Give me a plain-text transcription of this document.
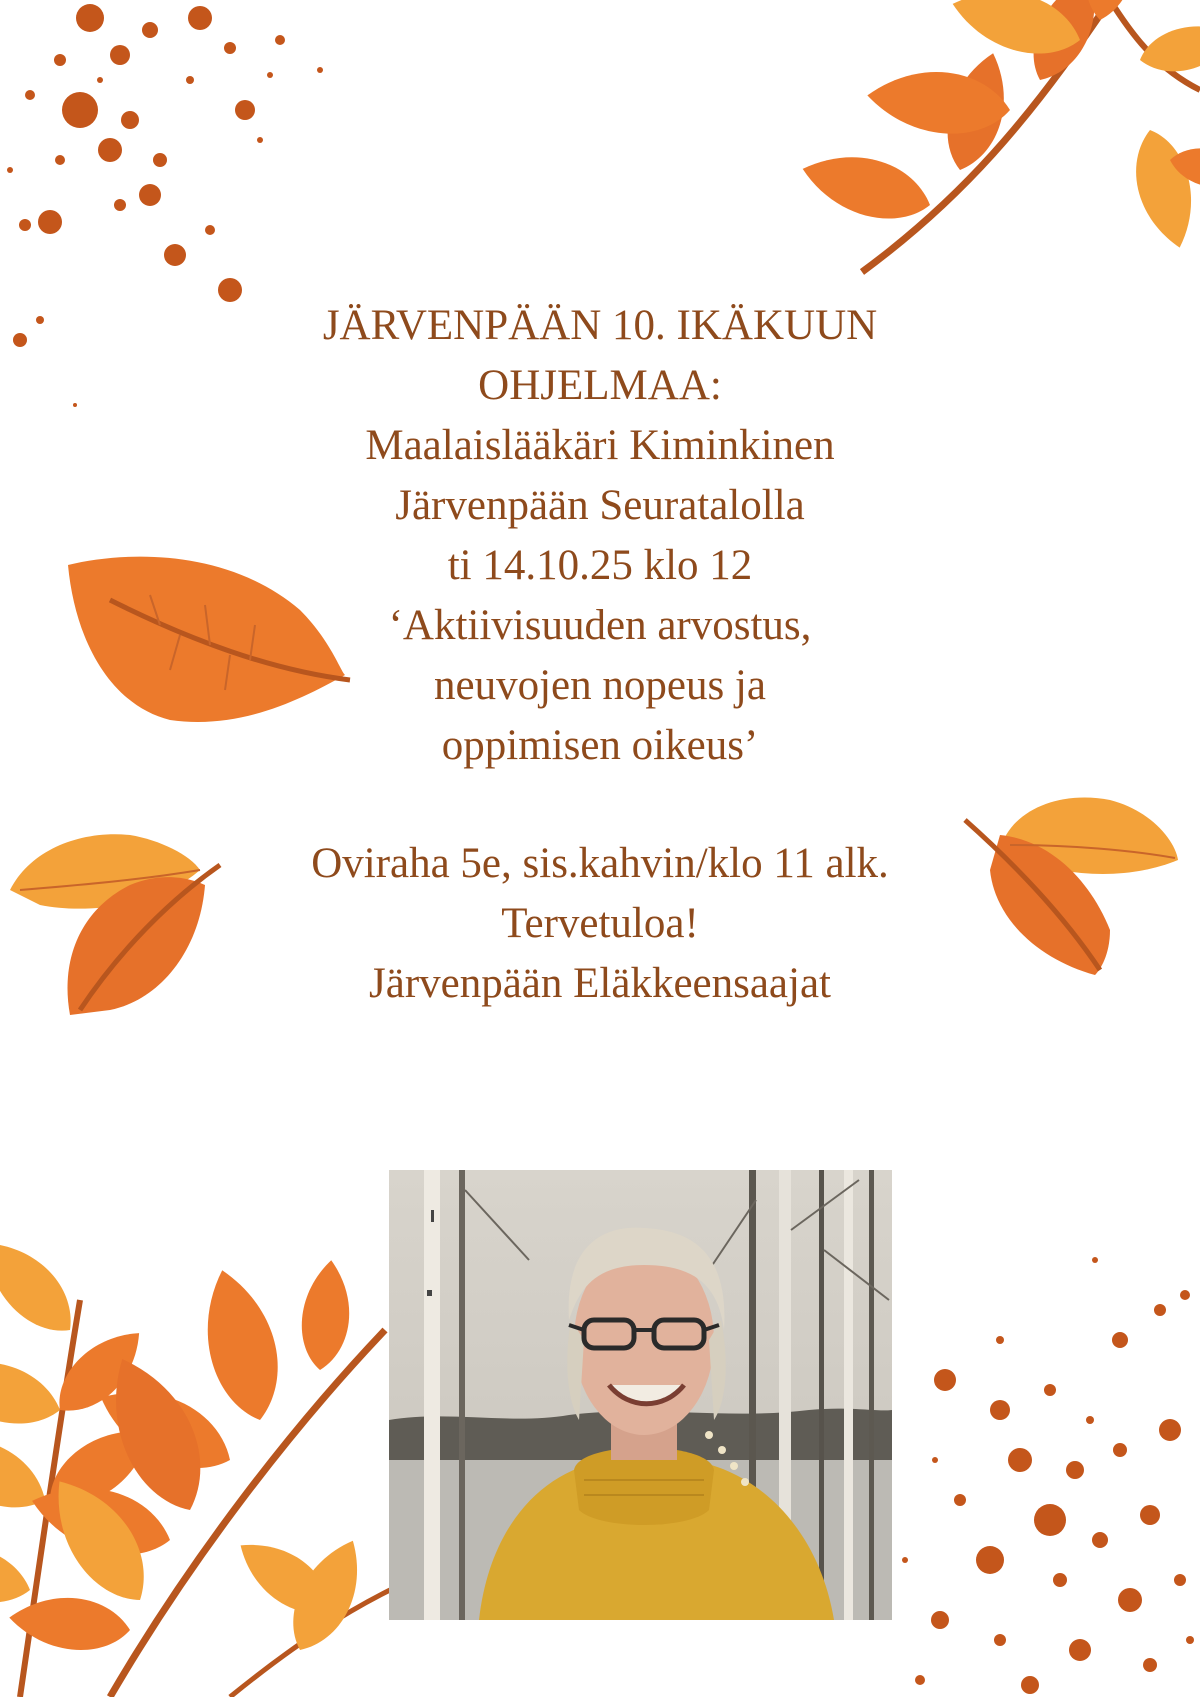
JÄRVENPÄÄN 10. IKÄKUUN
OHJELMAA:
Maalaislääkäri Kiminkinen
Järvenpään Seuratalolla
ti 14.10.25 klo 12
‘Aktiivisuuden arvostus,
neuvojen nopeus ja
oppimisen oikeus’
Oviraha 5e, sis.kahvin/klo 11 alk.
Tervetuloa!
Järvenpään Eläkkeensaajat
